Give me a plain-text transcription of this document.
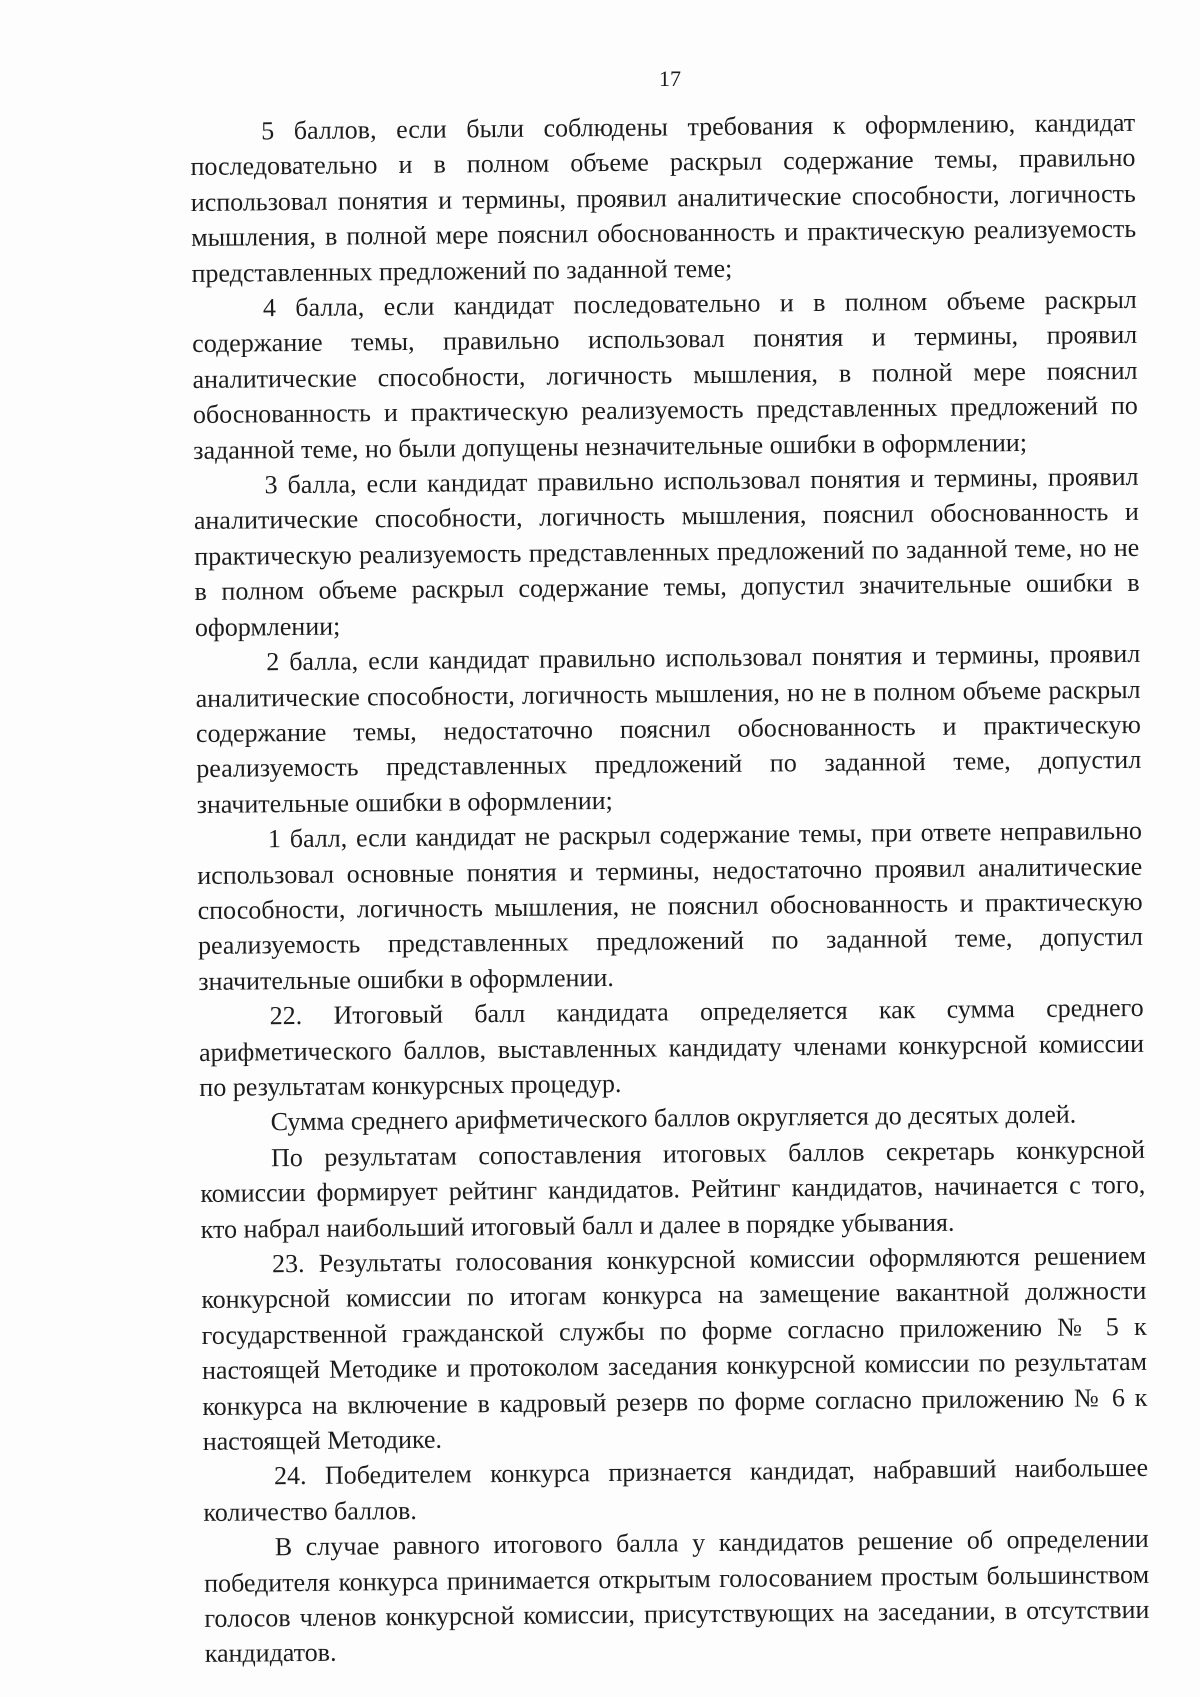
17

5 баллов, если были соблюдены требования к оформлению, кандидат последовательно и в полном объеме раскрыл содержание темы, правильно использовал понятия и термины, проявил аналитические способности, логичность мышления, в полной мере пояснил обоснованность и практическую реализуемость представленных предложений по заданной теме;

4 балла, если кандидат последовательно и в полном объеме раскрыл содержание темы, правильно использовал понятия и термины, проявил аналитические способности, логичность мышления, в полной мере пояснил обоснованность и практическую реализуемость представленных предложений по заданной теме, но были допущены незначительные ошибки в оформлении;

3 балла, если кандидат правильно использовал понятия и термины, проявил аналитические способности, логичность мышления, пояснил обоснованность и практическую реализуемость представленных предложений по заданной теме, но не в полном объеме раскрыл содержание темы, допустил значительные ошибки в оформлении;

2 балла, если кандидат правильно использовал понятия и термины, проявил аналитические способности, логичность мышления, но не в полном объеме раскрыл содержание темы, недостаточно пояснил обоснованность и практическую реализуемость представленных предложений по заданной теме, допустил значительные ошибки в оформлении;

1 балл, если кандидат не раскрыл содержание темы, при ответе неправильно использовал основные понятия и термины, недостаточно проявил аналитические способности, логичность мышления, не пояснил обоснованность и практическую реализуемость представленных предложений по заданной теме, допустил значительные ошибки в оформлении.

22. Итоговый балл кандидата определяется как сумма среднего арифметического баллов, выставленных кандидату членами конкурсной комиссии по результатам конкурсных процедур.

Сумма среднего арифметического баллов округляется до десятых долей.

По результатам сопоставления итоговых баллов секретарь конкурсной комиссии формирует рейтинг кандидатов. Рейтинг кандидатов, начинается с того, кто набрал наибольший итоговый балл и далее в порядке убывания.

23. Результаты голосования конкурсной комиссии оформляются решением конкурсной комиссии по итогам конкурса на замещение вакантной должности государственной гражданской службы по форме согласно приложению № 5 к настоящей Методике и протоколом заседания конкурсной комиссии по результатам конкурса на включение в кадровый резерв по форме согласно приложению № 6 к настоящей Методике.

24. Победителем конкурса признается кандидат, набравший наибольшее количество баллов.

В случае равного итогового балла у кандидатов решение об определении победителя конкурса принимается открытым голосованием простым большинством голосов членов конкурсной комиссии, присутствующих на заседании, в отсутствии кандидатов.
